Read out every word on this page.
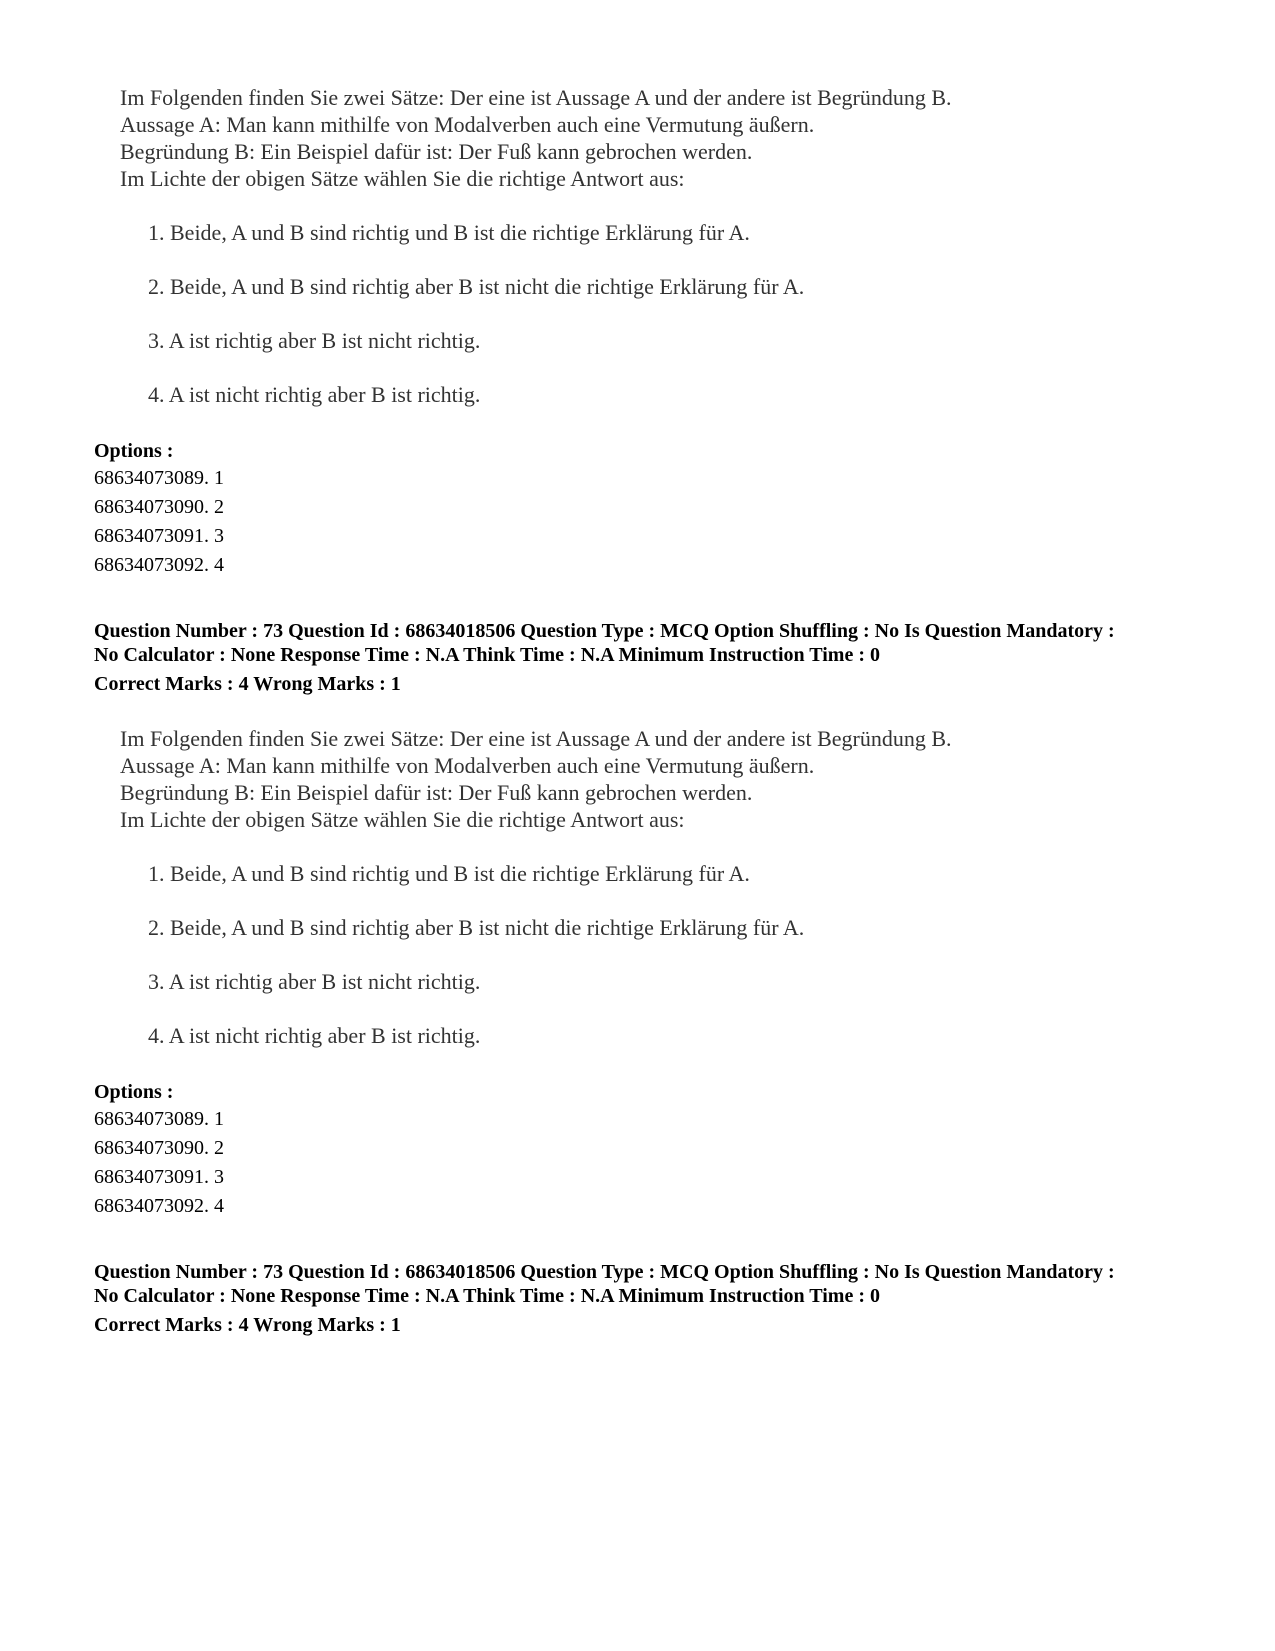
Im Folgenden finden Sie zwei Sätze: Der eine ist Aussage A und der andere ist Begründung B.

Aussage A: Man kann mithilfe von Modalverben auch eine Vermutung äußern.

Begründung B: Ein Beispiel dafür ist: Der Fuß kann gebrochen werden.

Im Lichte der obigen Sätze wählen Sie die richtige Antwort aus:

1. Beide, A und B sind richtig und B ist die richtige Erklärung für A.
2. Beide, A und B sind richtig aber B ist nicht die richtige Erklärung für A.
3. A ist richtig aber B ist nicht richtig.
4. A ist nicht richtig aber B ist richtig.
Options :
68634073089. 1
68634073090. 2
68634073091. 3
68634073092. 4
Question Number : 73 Question Id : 68634018506 Question Type : MCQ Option Shuffling : No Is Question Mandatory :
No Calculator : None Response Time : N.A Think Time : N.A Minimum Instruction Time : 0
Correct Marks : 4 Wrong Marks : 1

Im Folgenden finden Sie zwei Sätze: Der eine ist Aussage A und der andere ist Begründung B.

Aussage A: Man kann mithilfe von Modalverben auch eine Vermutung äußern.

Begründung B: Ein Beispiel dafür ist: Der Fuß kann gebrochen werden.

Im Lichte der obigen Sätze wählen Sie die richtige Antwort aus:

1. Beide, A und B sind richtig und B ist die richtige Erklärung für A.
2. Beide, A und B sind richtig aber B ist nicht die richtige Erklärung für A.
3. A ist richtig aber B ist nicht richtig.
4. A ist nicht richtig aber B ist richtig.
Options :
68634073089. 1
68634073090. 2
68634073091. 3
68634073092. 4
Question Number : 73 Question Id : 68634018506 Question Type : MCQ Option Shuffling : No Is Question Mandatory :
No Calculator : None Response Time : N.A Think Time : N.A Minimum Instruction Time : 0
Correct Marks : 4 Wrong Marks : 1
